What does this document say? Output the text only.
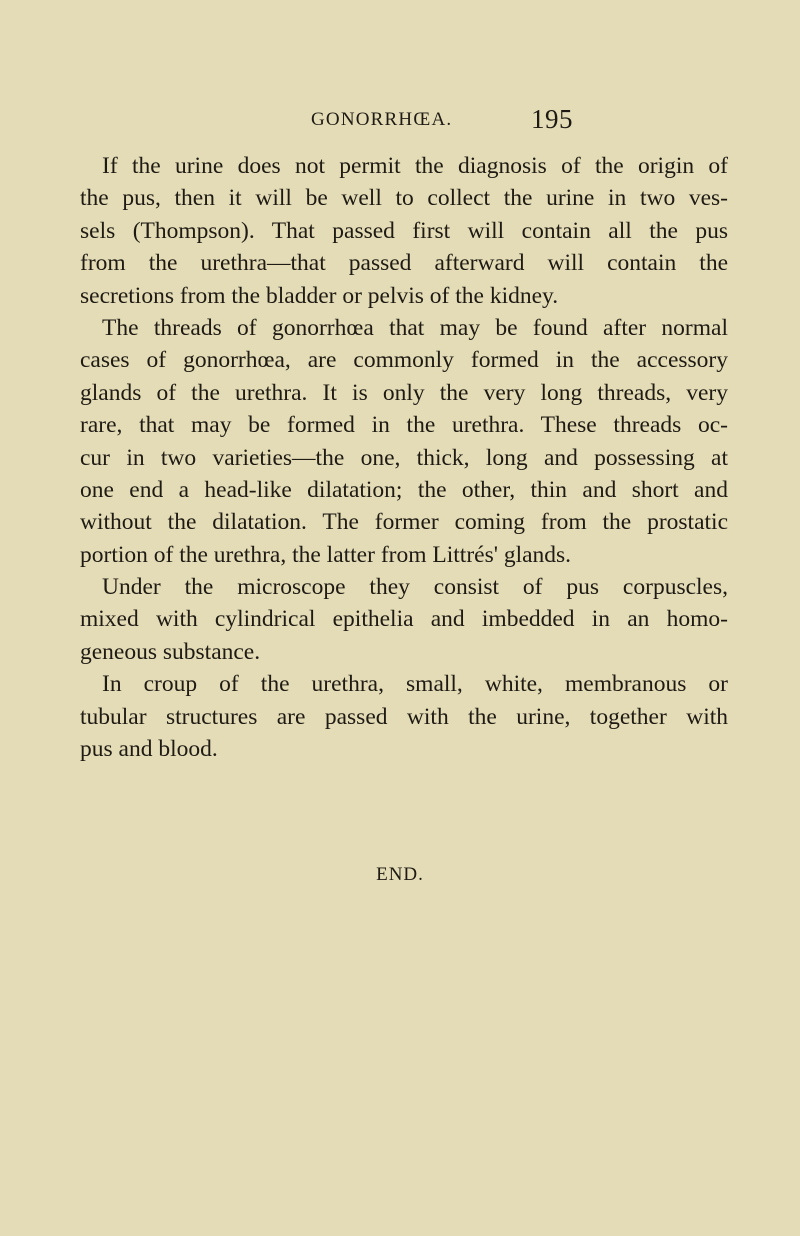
GONORRHŒA.	195
If the urine does not permit the diagnosis of the origin of
the pus, then it will be well to collect the urine in two ves-
sels (Thompson). That passed first will contain all the pus
from the urethra—that passed afterward will contain the
secretions from the bladder or pelvis of the kidney.
The threads of gonorrhœa that may be found after normal
cases of gonorrhœa, are commonly formed in the accessory
glands of the urethra. It is only the very long threads, very
rare, that may be formed in the urethra. These threads oc-
cur in two varieties—the one, thick, long and possessing at
one end a head-like dilatation; the other, thin and short and
without the dilatation. The former coming from the prostatic
portion of the urethra, the latter from Littrés' glands.
Under the microscope they consist of pus corpuscles,
mixed with cylindrical epithelia and imbedded in an homo-
geneous substance.
In croup of the urethra, small, white, membranous or
tubular structures are passed with the urine, together with
pus and blood.
END.
